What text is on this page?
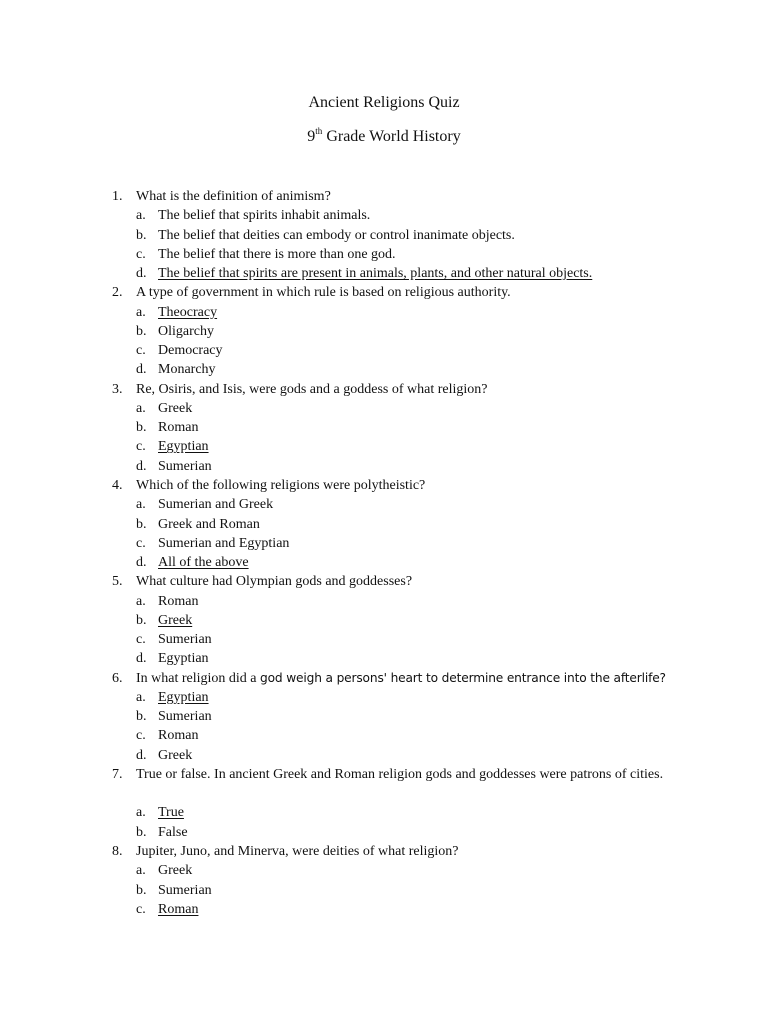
Ancient Religions Quiz
9th Grade World History
1. What is the definition of animism?
a. The belief that spirits inhabit animals.
b. The belief that deities can embody or control inanimate objects.
c. The belief that there is more than one god.
d. The belief that spirits are present in animals, plants, and other natural objects.
2. A type of government in which rule is based on religious authority.
a. Theocracy
b. Oligarchy
c. Democracy
d. Monarchy
3. Re, Osiris, and Isis, were gods and a goddess of what religion?
a. Greek
b. Roman
c. Egyptian
d. Sumerian
4. Which of the following religions were polytheistic?
a. Sumerian and Greek
b. Greek and Roman
c. Sumerian and Egyptian
d. All of the above
5. What culture had Olympian gods and goddesses?
a. Roman
b. Greek
c. Sumerian
d. Egyptian
6. In what religion did a god weigh a persons' heart to determine entrance into the afterlife?
a. Egyptian
b. Sumerian
c. Roman
d. Greek
7. True or false. In ancient Greek and Roman religion gods and goddesses were patrons of cities.
a. True
b. False
8. Jupiter, Juno, and Minerva, were deities of what religion?
a. Greek
b. Sumerian
c. Roman
